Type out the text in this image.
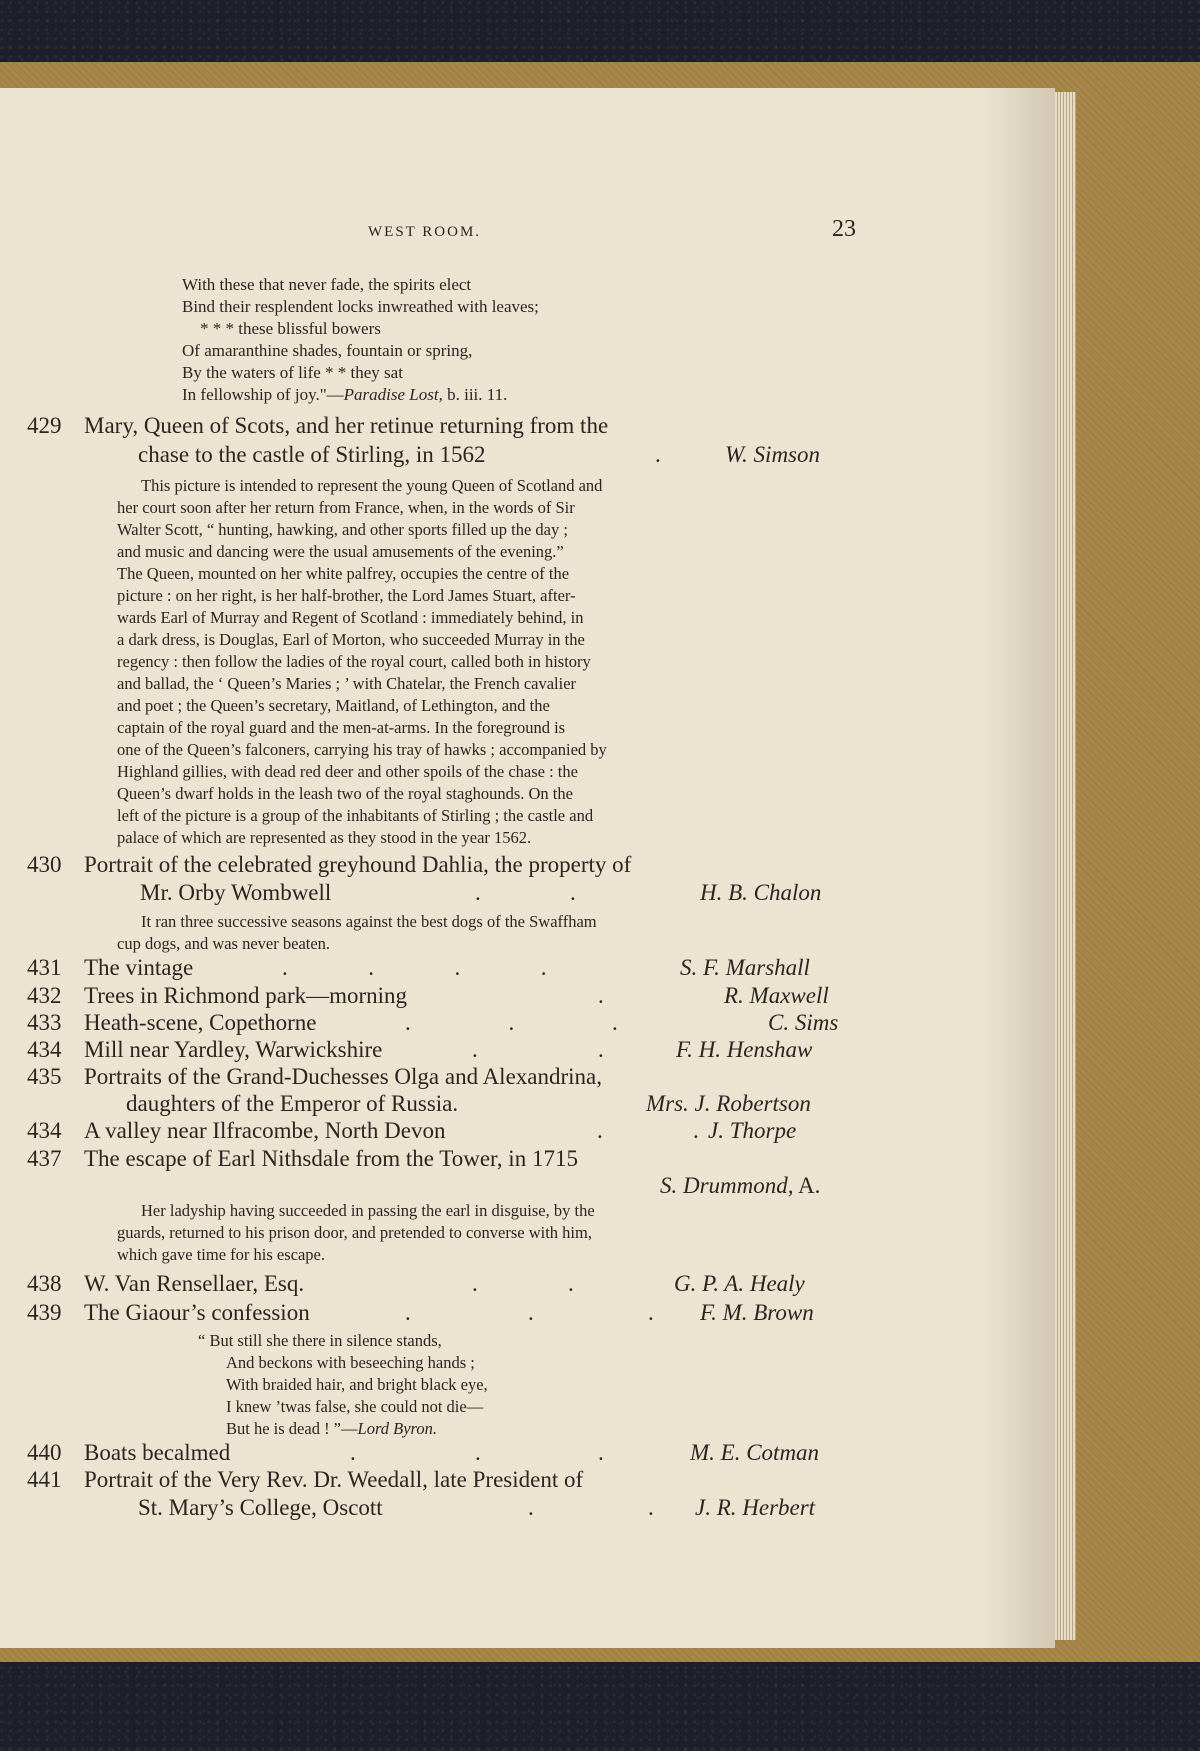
WEST ROOM.	23
With these that never fade, the spirits elect
Bind their resplendent locks inwreathed with leaves;
* * * these blissful bowers
Of amaranthine shades, fountain or spring,
By the waters of life * * they sat
In fellowship of joy."—Paradise Lost, b. iii. 11.
429 Mary, Queen of Scots, and her retinue returning from the
chase to the castle of Stirling, in 1562	.	W. Simson
This picture is intended to represent the young Queen of Scotland and
her court soon after her return from France, when, in the words of Sir
Walter Scott, “ hunting, hawking, and other sports filled up the day ;
and music and dancing were the usual amusements of the evening.”
The Queen, mounted on her white palfrey, occupies the centre of the
picture : on her right, is her half-brother, the Lord James Stuart, after-
wards Earl of Murray and Regent of Scotland : immediately behind, in
a dark dress, is Douglas, Earl of Morton, who succeeded Murray in the
regency : then follow the ladies of the royal court, called both in history
and ballad, the ‘ Queen’s Maries ; ’ with Chatelar, the French cavalier
and poet ; the Queen’s secretary, Maitland, of Lethington, and the
captain of the royal guard and the men-at-arms. In the foreground is
one of the Queen’s falconers, carrying his tray of hawks ; accompanied by
Highland gillies, with dead red deer and other spoils of the chase : the
Queen’s dwarf holds in the leash two of the royal staghounds. On the
left of the picture is a group of the inhabitants of Stirling ; the castle and
palace of which are represented as they stood in the year 1562.
430 Portrait of the celebrated greyhound Dahlia, the property of
Mr. Orby Wombwell	.	.	H. B. Chalon
It ran three successive seasons against the best dogs of the Swaffham
cup dogs, and was never beaten.
431 The vintage	.              .              .              .	S. F. Marshall
432 Trees in Richmond park—morning	.	R. Maxwell
433 Heath-scene, Copethorne	.                 .                 .	C. Sims
434 Mill near Yardley, Warwickshire	.	.	F. H. Henshaw
435 Portraits of the Grand-Duchesses Olga and Alexandrina,
daughters of the Emperor of Russia.	Mrs. J. Robertson
434 A valley near Ilfracombe, North Devon	.	. J. Thorpe
437 The escape of Earl Nithsdale from the Tower, in 1715
S. Drummond, A.
Her ladyship having succeeded in passing the earl in disguise, by the
guards, returned to his prison door, and pretended to converse with him,
which gave time for his escape.
438 W. Van Rensellaer, Esq.	.	.	G. P. A. Healy
439 The Giaour’s confession	.	.	. F. M. Brown
“ But still she there in silence stands,
And beckons with beseeching hands ;
With braided hair, and bright black eye,
I knew ’twas false, she could not die—
But he is dead ! ”—Lord Byron.
440 Boats becalmed	.	.	.	M. E. Cotman
441 Portrait of the Very Rev. Dr. Weedall, late President of
St. Mary’s College, Oscott	.	. J. R. Herbert
